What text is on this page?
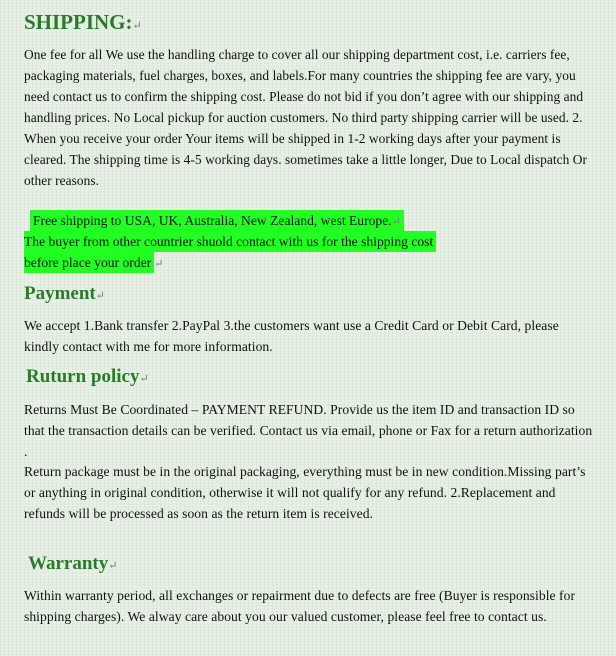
SHIPPING:↵

One fee for all We use the handling charge to cover all our shipping department cost, i.e. carriers fee, packaging materials, fuel charges, boxes, and labels.For many countries the shipping fee are vary, you need contact us to confirm the shipping cost. Please do not bid if you don’t agree with our shipping and handling prices. No Local pickup for auction customers. No third party shipping carrier will be used. 2. When you receive your order Your items will be shipped in 1-2 working days after your payment is cleared. The shipping time is 4-5 working days. sometimes take a little longer, Due to Local dispatch Or other reasons.

Free shipping to USA, UK, Australia, New Zealand, west Europe.↵
The buyer from other countrier shuold contact with us for the shipping cost
before place your order ↵
Payment↵

We accept 1.Bank transfer 2.PayPal 3.the customers want use a Credit Card or Debit Card, please kindly contact with me for more information.

Ruturn policy↵

Returns Must Be Coordinated – PAYMENT REFUND. Provide us the item ID and transaction ID so that the transaction details can be verified. Contact us via email, phone or Fax for a return authorization .

Return package must be in the original packaging, everything must be in new condition.Missing part’s or anything in original condition, otherwise it will not qualify for any refund. 2.Replacement and refunds will be processed as soon as the return item is received.

Warranty↵

Within warranty period, all exchanges or repairment due to defects are free (Buyer is responsible for shipping charges). We alway care about you our valued customer, please feel free to contact us.
